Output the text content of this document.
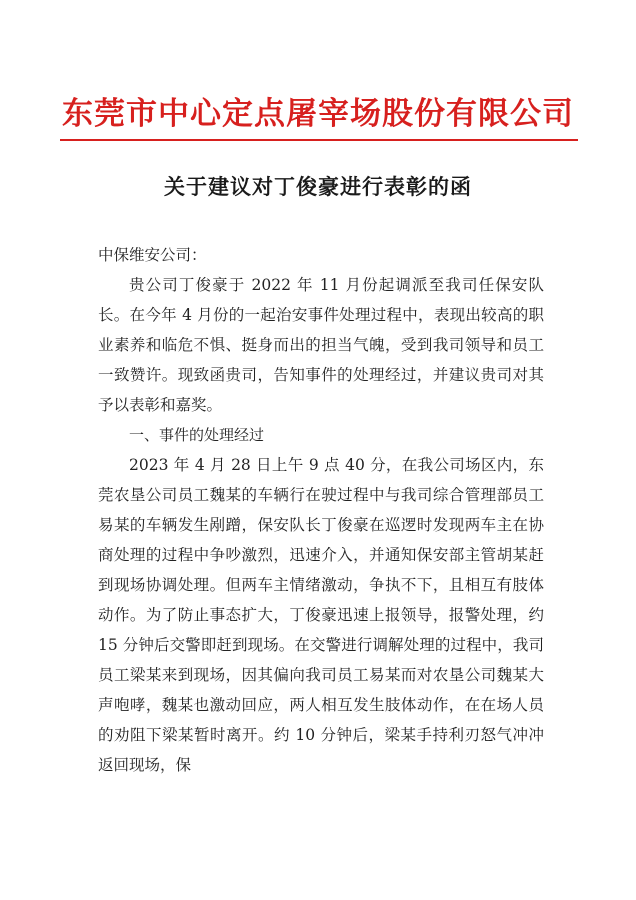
东莞市中心定点屠宰场股份有限公司
关于建议对丁俊豪进行表彰的函

中保维安公司：

贵公司丁俊豪于 2022 年 11 月份起调派至我司任保安队长。在今年 4 月份的一起治安事件处理过程中，表现出较高的职业素养和临危不惧、挺身而出的担当气魄，受到我司领导和员工一致赞许。现致函贵司，告知事件的处理经过，并建议贵司对其予以表彰和嘉奖。

一、事件的处理经过

2023 年 4 月 28 日上午 9 点 40 分，在我公司场区内，东莞农垦公司员工魏某的车辆行在驶过程中与我司综合管理部员工易某的车辆发生剐蹭，保安队长丁俊豪在巡逻时发现两车主在协商处理的过程中争吵激烈，迅速介入，并通知保安部主管胡某赶到现场协调处理。但两车主情绪激动，争执不下，且相互有肢体动作。为了防止事态扩大，丁俊豪迅速上报领导，报警处理，约 15 分钟后交警即赶到现场。在交警进行调解处理的过程中，我司员工梁某来到现场，因其偏向我司员工易某而对农垦公司魏某大声咆哮，魏某也激动回应，两人相互发生肢体动作，在在场人员的劝阻下梁某暂时离开。约 10 分钟后，梁某手持利刃怒气冲冲返回现场，保
